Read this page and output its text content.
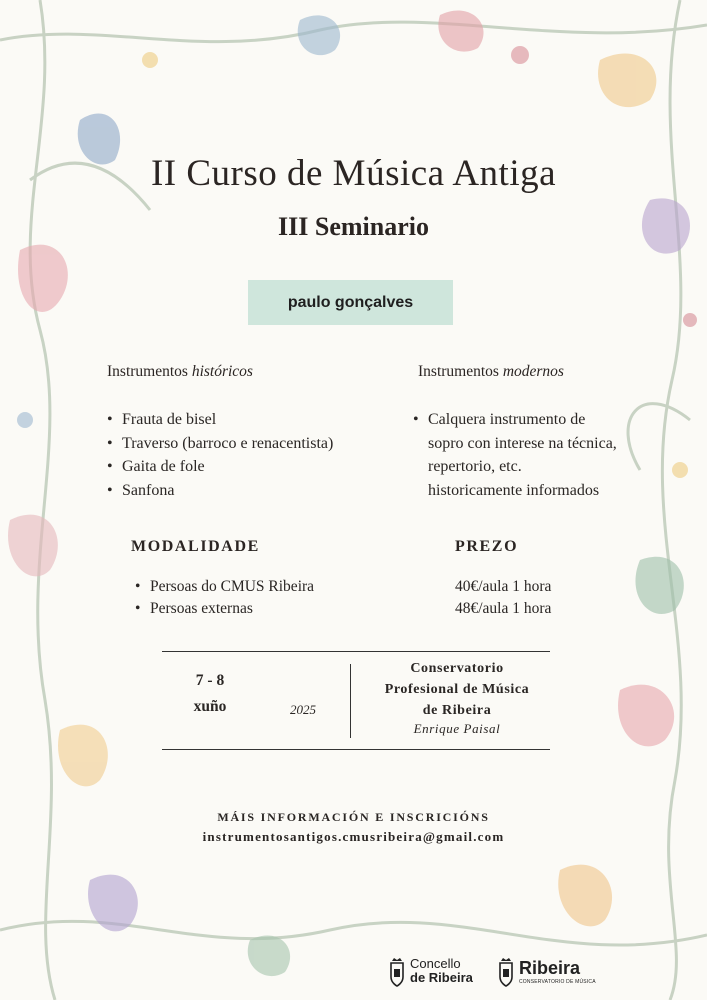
II Curso de Música Antiga
III Seminario
paulo gonçalves
Instrumentos históricos
• Frauta de bisel
• Traverso (barroco e renacentista)
• Gaita de fole
• Sanfona
Instrumentos modernos
• Calquera instrumento de sopro con interese na técnica, repertorio, etc. historicamente informados
MODALIDADE
• Persoas do CMUS Ribeira
• Persoas externas
PREZO
40€/aula 1 hora
48€/aula 1 hora
7 - 8
xuño	2025
Conservatorio
Profesional de Música
de Ribeira
Enrique Paisal
MÁIS INFORMACIÓN E INSCRICIÓNS
instrumentosantigos.cmusribeira@gmail.com
Concello
de Ribeira	Ribeira
CONSERVATORIO DE MÚSICA
